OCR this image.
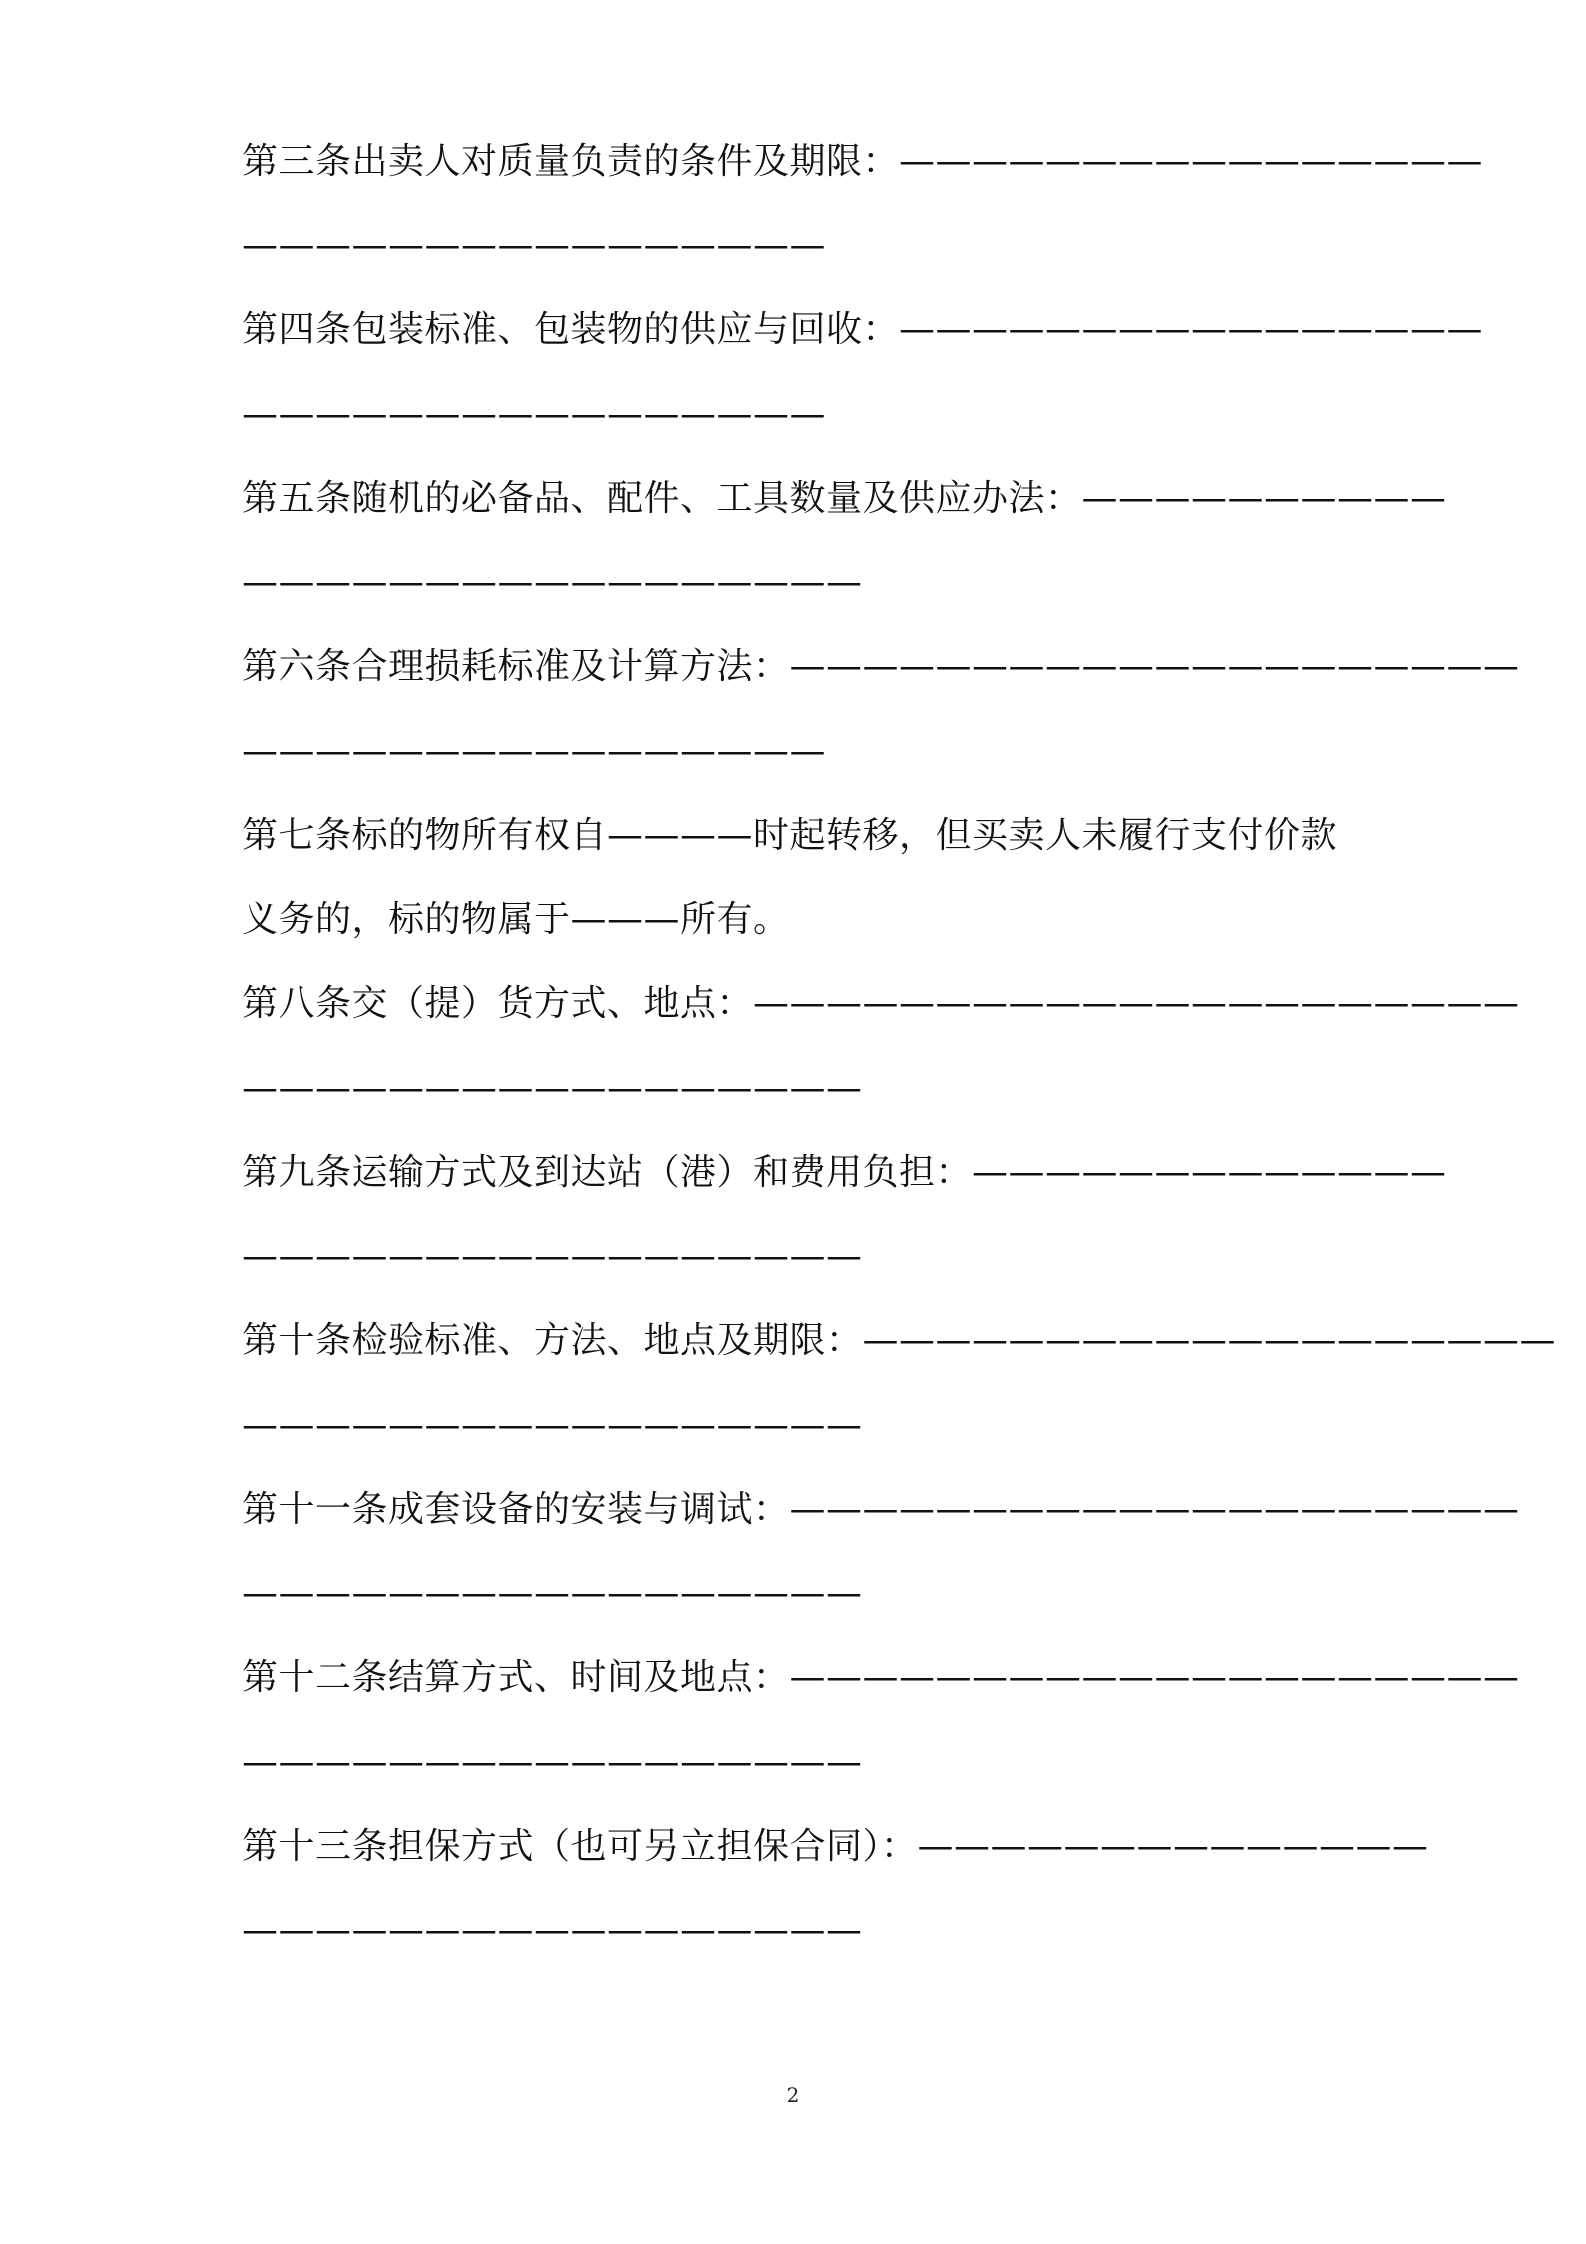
第三条出卖人对质量负责的条件及期限：————————————————
————————————————
第四条包装标准、包装物的供应与回收：————————————————
————————————————
第五条随机的必备品、配件、工具数量及供应办法：——————————
—————————————————
第六条合理损耗标准及计算方法：————————————————————
————————————————
第七条标的物所有权自————时起转移，但买卖人未履行支付价款
义务的，标的物属于———所有。
第八条交（提）货方式、地点：—————————————————————
—————————————————
第九条运输方式及到达站（港）和费用负担：—————————————
—————————————————
第十条检验标准、方法、地点及期限：———————————————————
—————————————————
第十一条成套设备的安装与调试：————————————————————
—————————————————
第十二条结算方式、时间及地点：————————————————————
—————————————————
第十三条担保方式（也可另立担保合同）：——————————————
—————————————————
2
